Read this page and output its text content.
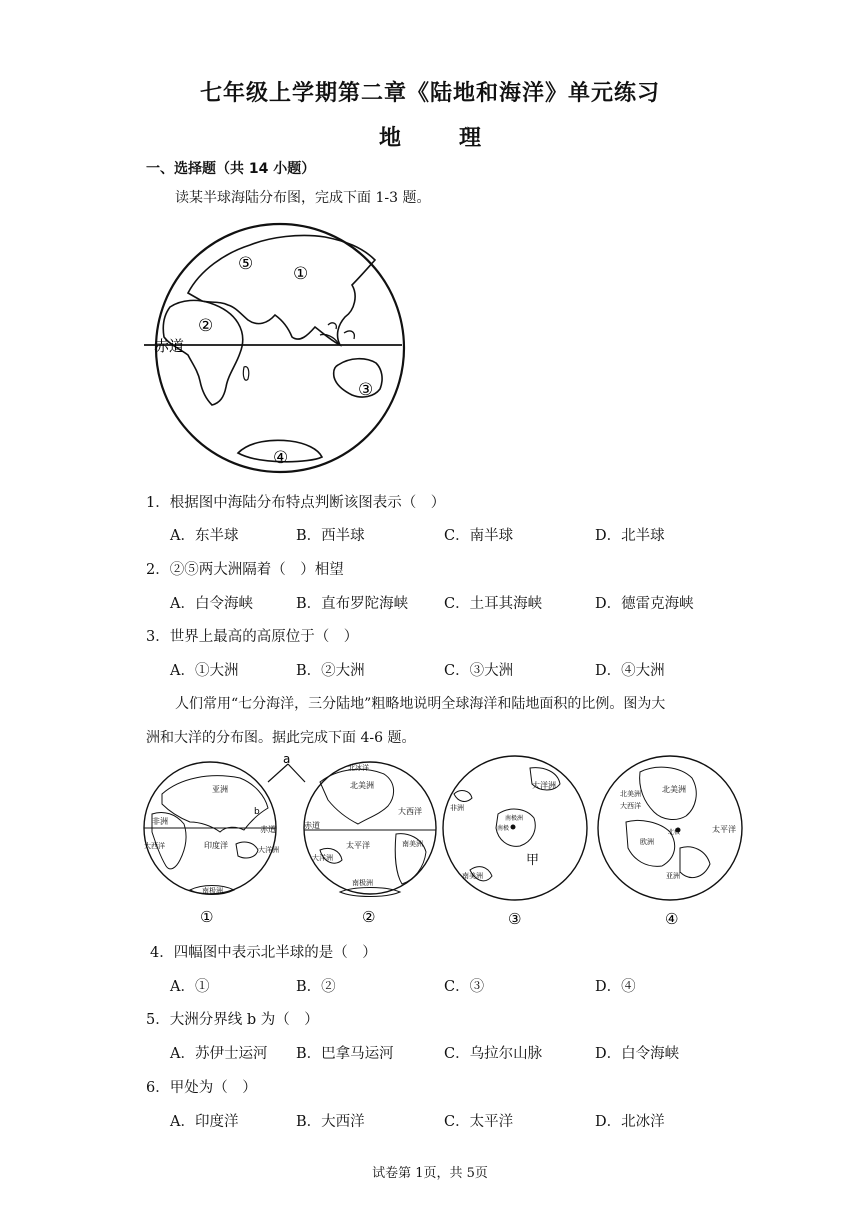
七年级上学期第二章《陆地和海洋》单元练习
地　理
一、选择题（共 14 小题）
读某半球海陆分布图，完成下面 1-3 题。
赤道
⑤ ①
②
③
④
1．根据图中海陆分布特点判断该图表示（　）
A．东半球	B．西半球	C．南半球	D．北半球
2．②⑤两大洲隔着（　）相望
A．白令海峡	B．直布罗陀海峡 C．土耳其海峡	D．德雷克海峡
3．世界上最高的高原位于（　）
A．①大洲	B．②大洲	C．③大洲	D．④大洲
人们常用“七分海洋，三分陆地”粗略地说明全球海洋和陆地面积的比例。图为大
洲和大洋的分布图。据此完成下面 4-6 题。
a
亚洲
非洲
赤道
印度洋
大西洋	大洋洲
南极洲
b
北冰洋
北美洲
大西洋
赤道
太平洋
大洋洲
南美洲
南极洲
大洋洲
非洲
南极洲
南极
甲
南美洲
北美洲
大西洋
北美洲
北极	太平洋
欧洲
亚洲
①	②	③	④
4．四幅图中表示北半球的是（　）
A．①	B．②	C．③	D．④
5．大洲分界线 b 为（　）
A．苏伊士运河 B．巴拿马运河	C．乌拉尔山脉	D．白令海峡
6．甲处为（　）
A．印度洋	B．大西洋	C．太平洋	D．北冰洋
试卷第 1页，共 5页
